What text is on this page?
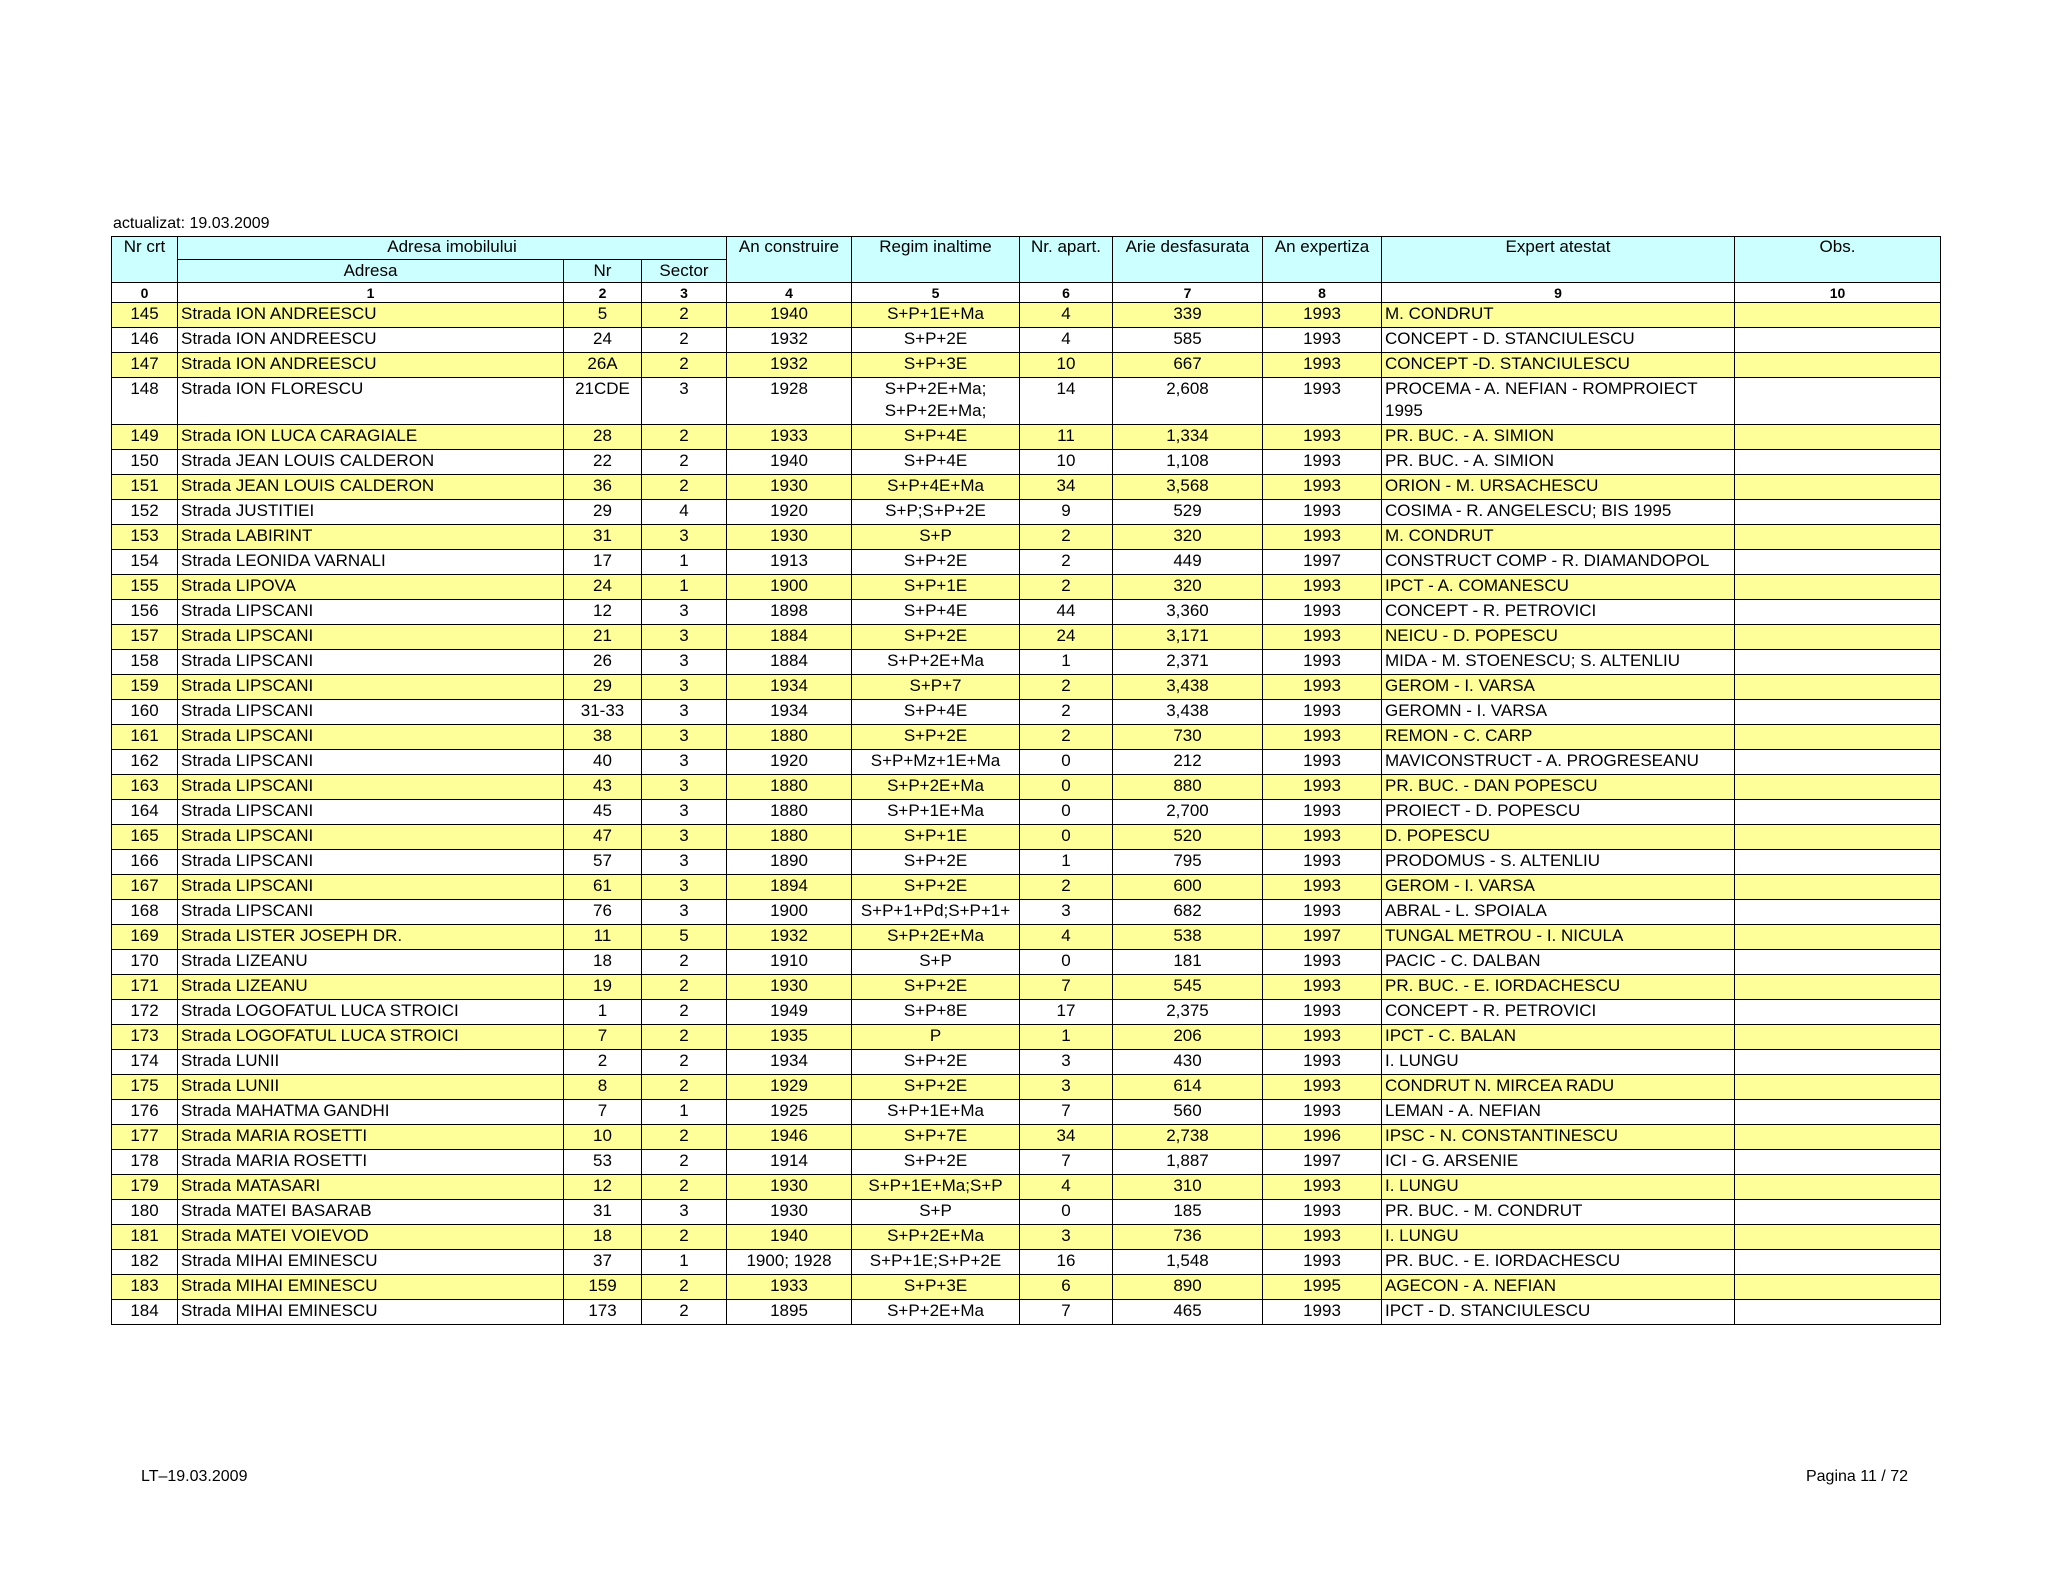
actualizat: 19.03.2009
Nr crt	Adresa imobilului			An construire	Regim inaltime	Nr. apart.	Arie desfasurata	An expertiza	Expert atestat	Obs.
	Adresa	Nr	Sector							
0	1	2	3	4	5	6	7	8	9	10
145	Strada ION ANDREESCU	5	2	1940	S+P+1E+Ma	4	339	1993	M. CONDRUT	
146	Strada ION ANDREESCU	24	2	1932	S+P+2E	4	585	1993	CONCEPT - D. STANCIULESCU	
147	Strada ION ANDREESCU	26A	2	1932	S+P+3E	10	667	1993	CONCEPT -D. STANCIULESCU	
148	Strada ION FLORESCU	21CDE	3	1928	S+P+2E+Ma; S+P+2E+Ma;	14	2,608	1993	PROCEMA - A. NEFIAN - ROMPROIECT 1995	
149	Strada ION LUCA CARAGIALE	28	2	1933	S+P+4E	11	1,334	1993	PR. BUC. - A. SIMION	
150	Strada JEAN LOUIS CALDERON	22	2	1940	S+P+4E	10	1,108	1993	PR. BUC. - A. SIMION	
151	Strada JEAN LOUIS CALDERON	36	2	1930	S+P+4E+Ma	34	3,568	1993	ORION - M. URSACHESCU	
152	Strada JUSTITIEI	29	4	1920	S+P;S+P+2E	9	529	1993	COSIMA - R. ANGELESCU; BIS 1995	
153	Strada LABIRINT	31	3	1930	S+P	2	320	1993	M. CONDRUT	
154	Strada LEONIDA VARNALI	17	1	1913	S+P+2E	2	449	1997	CONSTRUCT COMP - R. DIAMANDOPOL	
155	Strada LIPOVA	24	1	1900	S+P+1E	2	320	1993	IPCT - A. COMANESCU	
156	Strada LIPSCANI	12	3	1898	S+P+4E	44	3,360	1993	CONCEPT - R. PETROVICI	
157	Strada LIPSCANI	21	3	1884	S+P+2E	24	3,171	1993	NEICU - D. POPESCU	
158	Strada LIPSCANI	26	3	1884	S+P+2E+Ma	1	2,371	1993	MIDA - M. STOENESCU; S. ALTENLIU	
159	Strada LIPSCANI	29	3	1934	S+P+7	2	3,438	1993	GEROM - I. VARSA	
160	Strada LIPSCANI	31-33	3	1934	S+P+4E	2	3,438	1993	GEROMN - I. VARSA	
161	Strada LIPSCANI	38	3	1880	S+P+2E	2	730	1993	REMON - C. CARP	
162	Strada LIPSCANI	40	3	1920	S+P+Mz+1E+Ma	0	212	1993	MAVICONSTRUCT - A. PROGRESEANU	
163	Strada LIPSCANI	43	3	1880	S+P+2E+Ma	0	880	1993	PR. BUC. - DAN POPESCU	
164	Strada LIPSCANI	45	3	1880	S+P+1E+Ma	0	2,700	1993	PROIECT - D. POPESCU	
165	Strada LIPSCANI	47	3	1880	S+P+1E	0	520	1993	D. POPESCU	
166	Strada LIPSCANI	57	3	1890	S+P+2E	1	795	1993	PRODOMUS - S. ALTENLIU	
167	Strada LIPSCANI	61	3	1894	S+P+2E	2	600	1993	GEROM - I. VARSA	
168	Strada LIPSCANI	76	3	1900	S+P+1+Pd;S+P+1+	3	682	1993	ABRAL - L. SPOIALA	
169	Strada LISTER JOSEPH DR.	11	5	1932	S+P+2E+Ma	4	538	1997	TUNGAL METROU - I. NICULA	
170	Strada LIZEANU	18	2	1910	S+P	0	181	1993	PACIC - C. DALBAN	
171	Strada LIZEANU	19	2	1930	S+P+2E	7	545	1993	PR. BUC. - E. IORDACHESCU	
172	Strada LOGOFATUL LUCA STROICI	1	2	1949	S+P+8E	17	2,375	1993	CONCEPT - R. PETROVICI	
173	Strada LOGOFATUL LUCA STROICI	7	2	1935	P	1	206	1993	IPCT - C. BALAN	
174	Strada LUNII	2	2	1934	S+P+2E	3	430	1993	I. LUNGU	
175	Strada LUNII	8	2	1929	S+P+2E	3	614	1993	CONDRUT N. MIRCEA RADU	
176	Strada MAHATMA GANDHI	7	1	1925	S+P+1E+Ma	7	560	1993	LEMAN - A. NEFIAN	
177	Strada MARIA ROSETTI	10	2	1946	S+P+7E	34	2,738	1996	IPSC - N. CONSTANTINESCU	
178	Strada MARIA ROSETTI	53	2	1914	S+P+2E	7	1,887	1997	ICI - G. ARSENIE	
179	Strada MATASARI	12	2	1930	S+P+1E+Ma;S+P	4	310	1993	I. LUNGU	
180	Strada MATEI BASARAB	31	3	1930	S+P	0	185	1993	PR. BUC. - M. CONDRUT	
181	Strada MATEI VOIEVOD	18	2	1940	S+P+2E+Ma	3	736	1993	I. LUNGU	
182	Strada MIHAI EMINESCU	37	1	1900; 1928	S+P+1E;S+P+2E	16	1,548	1993	PR. BUC. - E. IORDACHESCU	
183	Strada MIHAI EMINESCU	159	2	1933	S+P+3E	6	890	1995	AGECON - A. NEFIAN	
184	Strada MIHAI EMINESCU	173	2	1895	S+P+2E+Ma	7	465	1993	IPCT - D. STANCIULESCU	
LT–19.03.2009	Pagina 11 / 72
